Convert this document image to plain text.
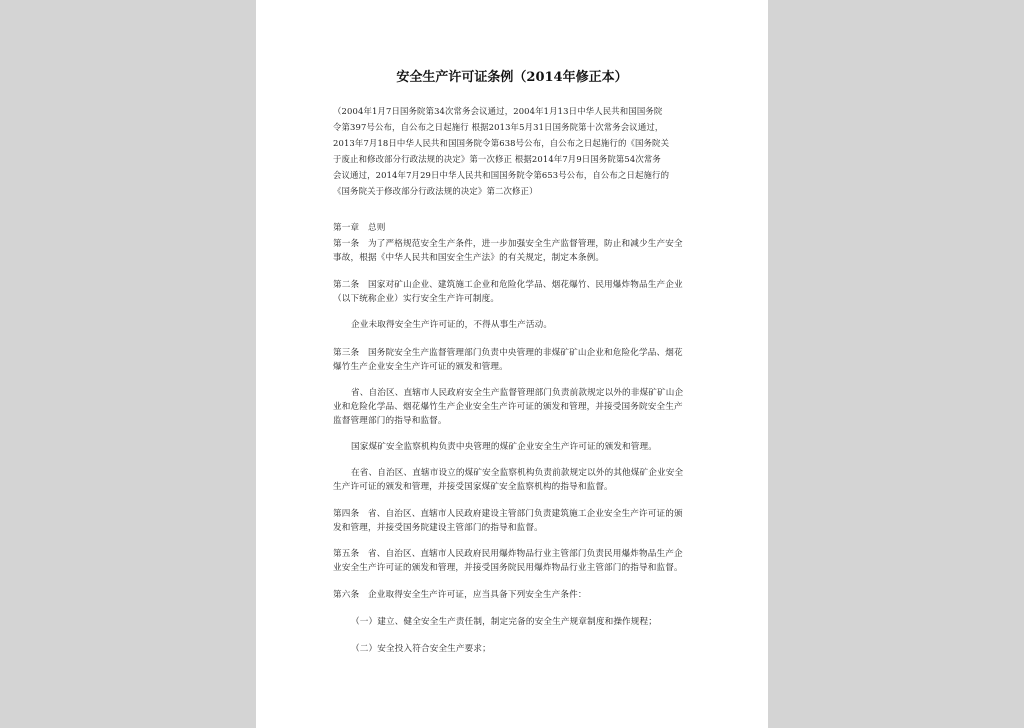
安全生产许可证条例（2014年修正本）
（2004年1月7日国务院第34次常务会议通过，2004年1月13日中华人民共和国国务院
令第397号公布，自公布之日起施行 根据2013年5月31日国务院第十次常务会议通过，
2013年7月18日中华人民共和国国务院令第638号公布，自公布之日起施行的《国务院关
于废止和修改部分行政法规的决定》第一次修正 根据2014年7月9日国务院第54次常务
会议通过，2014年7月29日中华人民共和国国务院令第653号公布，自公布之日起施行的
《国务院关于修改部分行政法规的决定》第二次修正）
第一章　总则
第一条　为了严格规范安全生产条件，进一步加强安全生产监督管理，防止和减少生产安全
事故，根据《中华人民共和国安全生产法》的有关规定，制定本条例。
第二条　国家对矿山企业、建筑施工企业和危险化学品、烟花爆竹、民用爆炸物品生产企业
（以下统称企业）实行安全生产许可制度。
企业未取得安全生产许可证的，不得从事生产活动。
第三条　国务院安全生产监督管理部门负责中央管理的非煤矿矿山企业和危险化学品、烟花
爆竹生产企业安全生产许可证的颁发和管理。
省、自治区、直辖市人民政府安全生产监督管理部门负责前款规定以外的非煤矿矿山企
业和危险化学品、烟花爆竹生产企业安全生产许可证的颁发和管理，并接受国务院安全生产
监督管理部门的指导和监督。
国家煤矿安全监察机构负责中央管理的煤矿企业安全生产许可证的颁发和管理。
在省、自治区、直辖市设立的煤矿安全监察机构负责前款规定以外的其他煤矿企业安全
生产许可证的颁发和管理，并接受国家煤矿安全监察机构的指导和监督。
第四条　省、自治区、直辖市人民政府建设主管部门负责建筑施工企业安全生产许可证的颁
发和管理，并接受国务院建设主管部门的指导和监督。
第五条　省、自治区、直辖市人民政府民用爆炸物品行业主管部门负责民用爆炸物品生产企
业安全生产许可证的颁发和管理，并接受国务院民用爆炸物品行业主管部门的指导和监督。
第六条　企业取得安全生产许可证，应当具备下列安全生产条件：
（一）建立、健全安全生产责任制，制定完备的安全生产规章制度和操作规程；
（二）安全投入符合安全生产要求；
